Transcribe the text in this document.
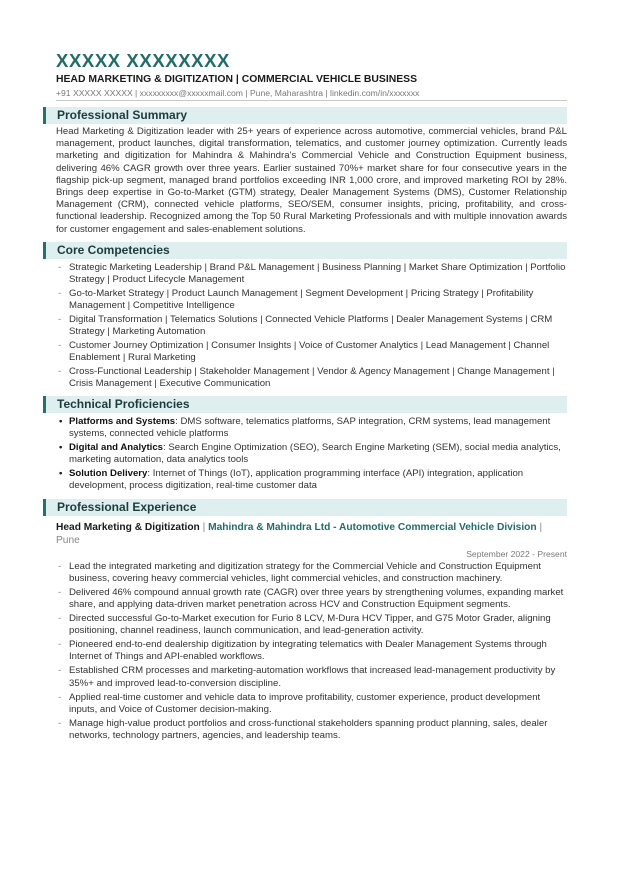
XXXXX XXXXXXXX
HEAD MARKETING & DIGITIZATION | COMMERCIAL VEHICLE BUSINESS
+91 XXXXX XXXXX | xxxxxxxxx@xxxxxmail.com | Pune, Maharashtra | linkedin.com/in/xxxxxxx
Professional Summary

Head Marketing & Digitization leader with 25+ years of experience across automotive, commercial vehicles, brand P&L management, product launches, digital transformation, telematics, and customer journey optimization. Currently leads marketing and digitization for Mahindra & Mahindra's Commercial Vehicle and Construction Equipment business, delivering 46% CAGR growth over three years. Earlier sustained 70%+ market share for four consecutive years in the flagship pick-up segment, managed brand portfolios exceeding INR 1,000 crore, and improved marketing ROI by 28%. Brings deep expertise in Go-to-Market (GTM) strategy, Dealer Management Systems (DMS), Customer Relationship Management (CRM), connected vehicle platforms, SEO/SEM, consumer insights, pricing, profitability, and cross-functional leadership. Recognized among the Top 50 Rural Marketing Professionals and with multiple innovation awards for customer engagement and sales-enablement solutions.

Core Competencies
- Strategic Marketing Leadership | Brand P&L Management | Business Planning | Market Share Optimization | Portfolio Strategy | Product Lifecycle Management
- Go-to-Market Strategy | Product Launch Management | Segment Development | Pricing Strategy | Profitability Management | Competitive Intelligence
- Digital Transformation | Telematics Solutions | Connected Vehicle Platforms | Dealer Management Systems | CRM Strategy | Marketing Automation
- Customer Journey Optimization | Consumer Insights | Voice of Customer Analytics | Lead Management | Channel Enablement | Rural Marketing
- Cross-Functional Leadership | Stakeholder Management | Vendor & Agency Management | Change Management | Crisis Management | Executive Communication
Technical Proficiencies
• Platforms and Systems: DMS software, telematics platforms, SAP integration, CRM systems, lead management systems, connected vehicle platforms
• Digital and Analytics: Search Engine Optimization (SEO), Search Engine Marketing (SEM), social media analytics, marketing automation, data analytics tools
• Solution Delivery: Internet of Things (IoT), application programming interface (API) integration, application development, process digitization, real-time customer data
Professional Experience
Head Marketing & Digitization | Mahindra & Mahindra Ltd - Automotive Commercial Vehicle Division | Pune
September 2022 - Present
- Lead the integrated marketing and digitization strategy for the Commercial Vehicle and Construction Equipment business, covering heavy commercial vehicles, light commercial vehicles, and construction machinery.
- Delivered 46% compound annual growth rate (CAGR) over three years by strengthening volumes, expanding market share, and applying data-driven market penetration across HCV and Construction Equipment segments.
- Directed successful Go-to-Market execution for Furio 8 LCV, M-Dura HCV Tipper, and G75 Motor Grader, aligning positioning, channel readiness, launch communication, and lead-generation activity.
- Pioneered end-to-end dealership digitization by integrating telematics with Dealer Management Systems through Internet of Things and API-enabled workflows.
- Established CRM processes and marketing-automation workflows that increased lead-management productivity by 35%+ and improved lead-to-conversion discipline.
- Applied real-time customer and vehicle data to improve profitability, customer experience, product development inputs, and Voice of Customer decision-making.
- Manage high-value product portfolios and cross-functional stakeholders spanning product planning, sales, dealer networks, technology partners, agencies, and leadership teams.
